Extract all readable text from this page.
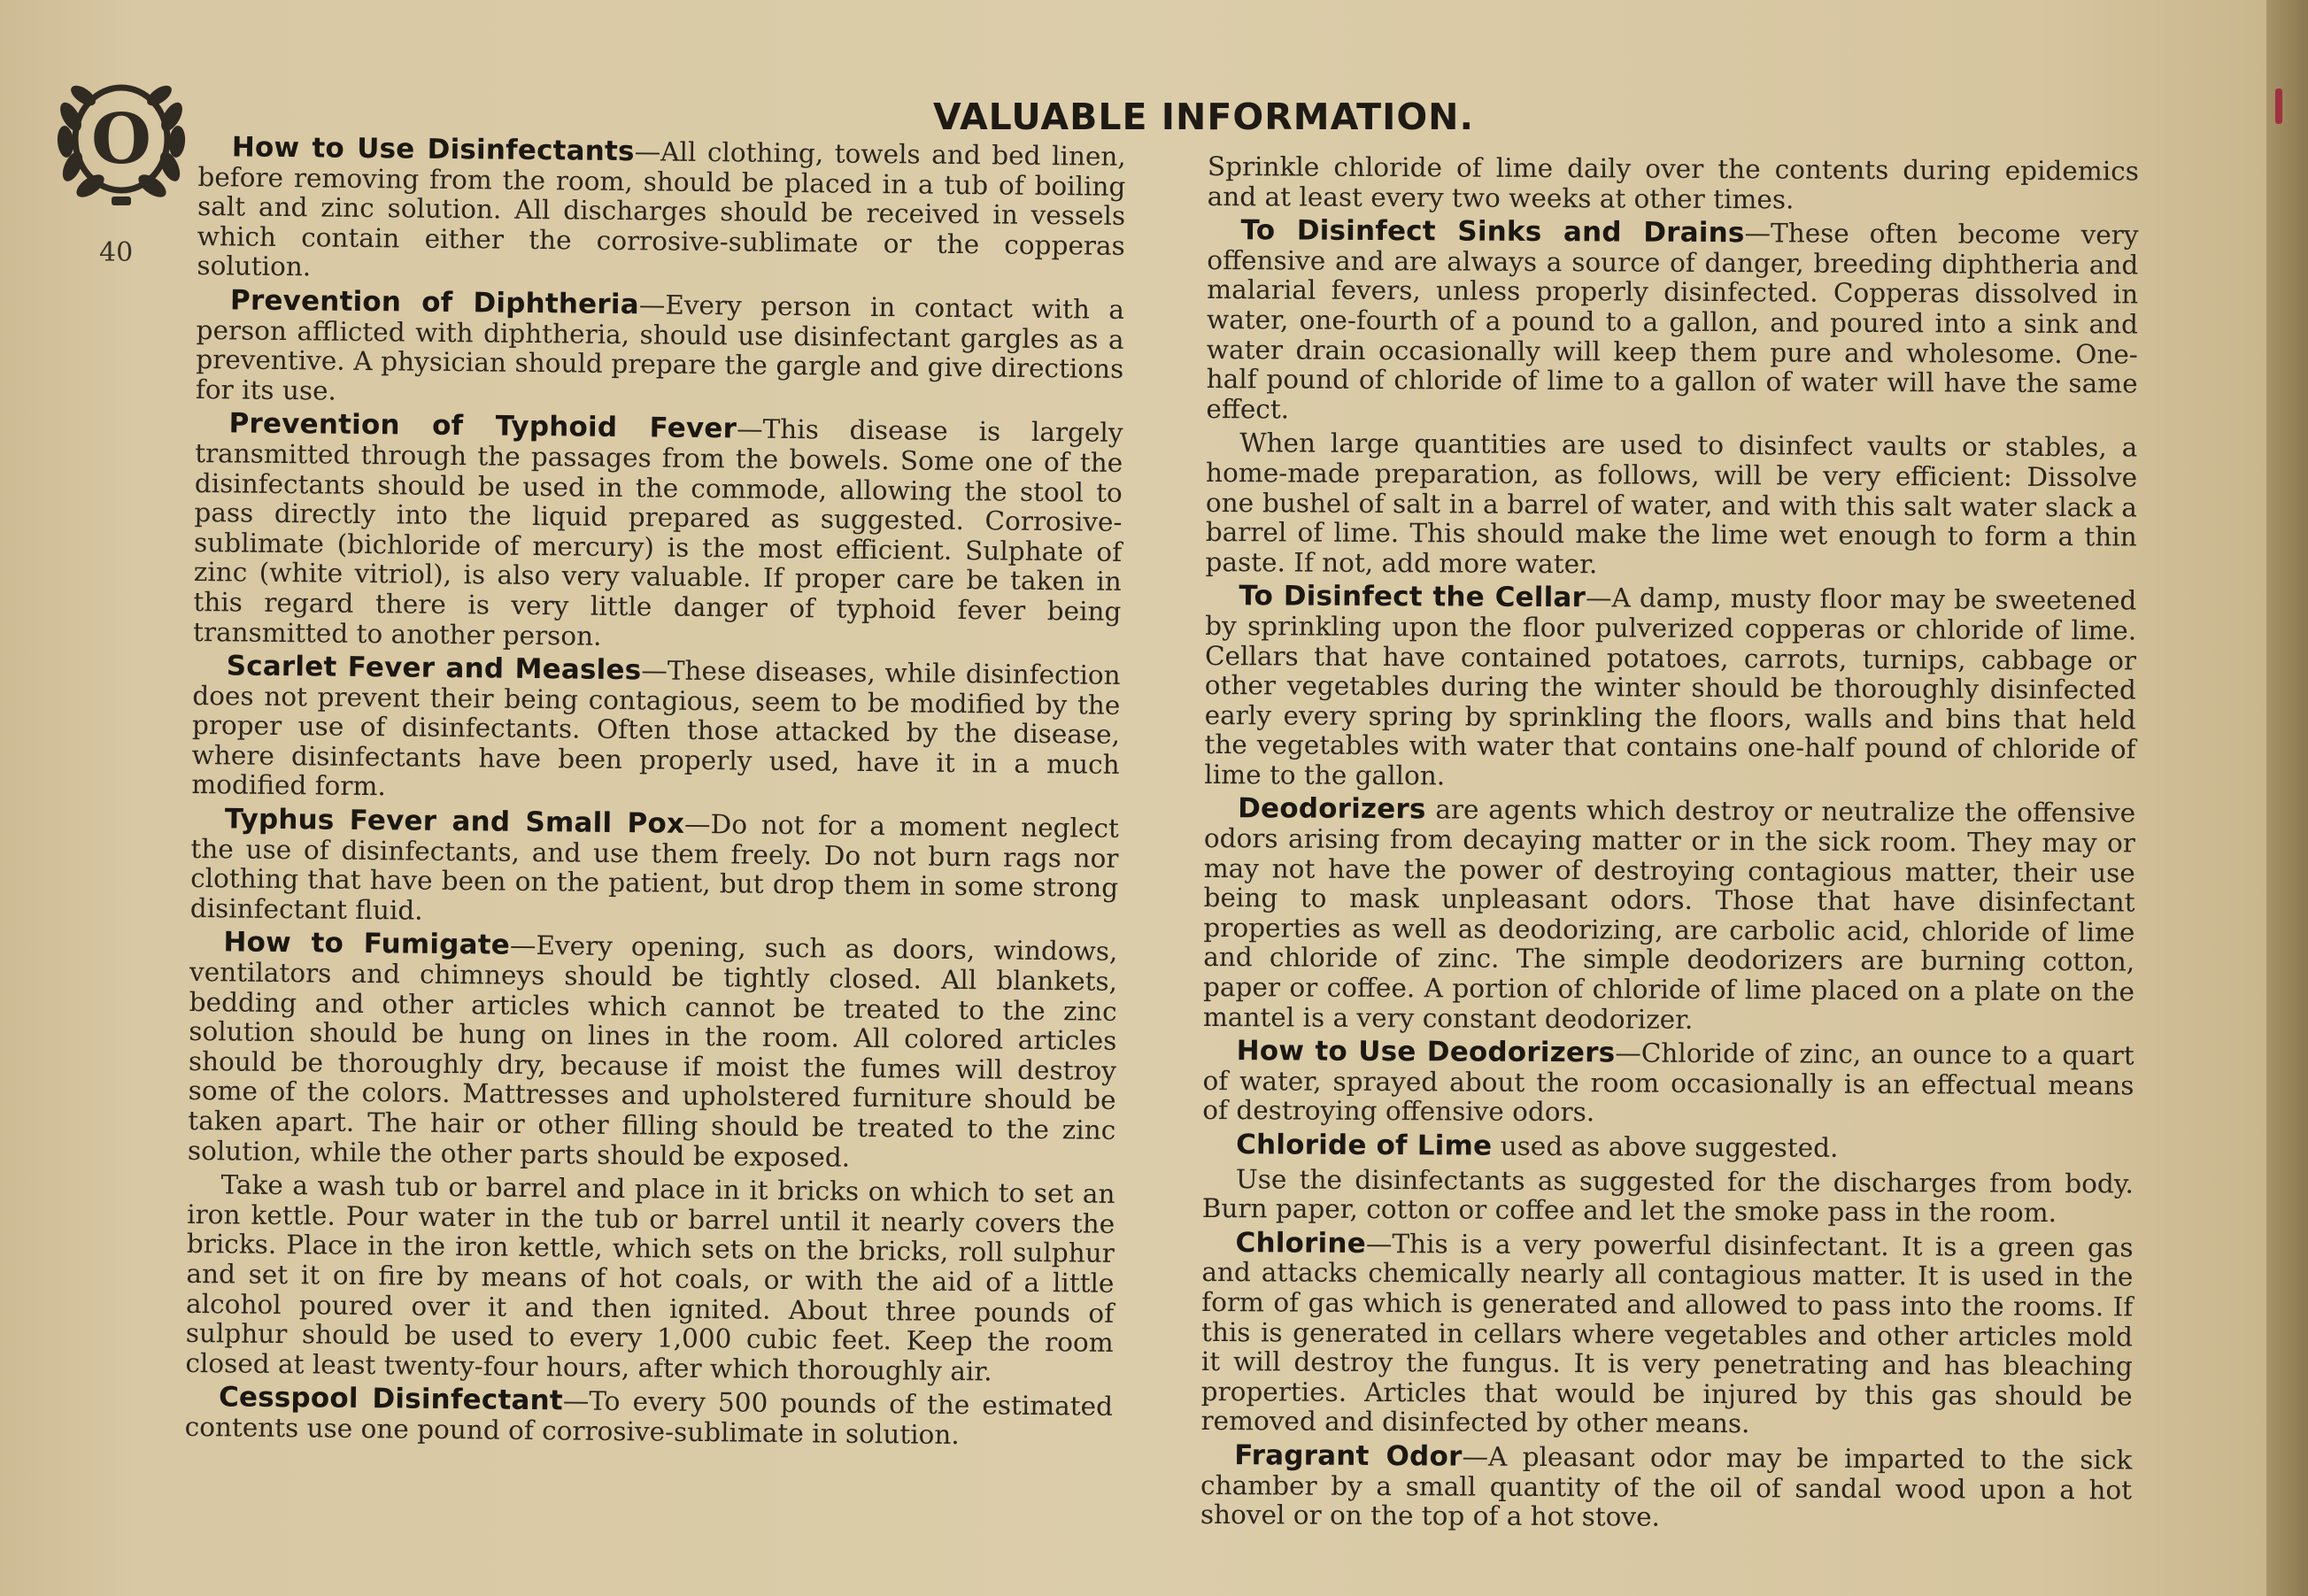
O
40
VALUABLE INFORMATION.

How to Use Disinfectants—All clothing, towels and bed linen, before removing from the room, should be placed in a tub of boiling salt and zinc solution. All discharges should be received in vessels which contain either the corrosive-sublimate or the copperas solution.

Prevention of Diphtheria—Every person in contact with a person afflicted with diphtheria, should use disinfectant gargles as a preventive. A physician should prepare the gargle and give directions for its use.

Prevention of Typhoid Fever—This disease is largely transmitted through the passages from the bowels. Some one of the disinfectants should be used in the commode, allowing the stool to pass directly into the liquid prepared as suggested. Corrosive-sublimate (bichloride of mercury) is the most efficient. Sulphate of zinc (white vitriol), is also very valuable. If proper care be taken in this regard there is very little danger of typhoid fever being transmitted to another person.

Scarlet Fever and Measles—These diseases, while disinfection does not prevent their being contagious, seem to be modified by the proper use of disinfectants. Often those attacked by the disease, where disinfectants have been properly used, have it in a much modified form.

Typhus Fever and Small Pox—Do not for a moment neglect the use of disinfectants, and use them freely. Do not burn rags nor clothing that have been on the patient, but drop them in some strong disinfectant fluid.

How to Fumigate—Every opening, such as doors, windows, ventilators and chimneys should be tightly closed. All blankets, bedding and other articles which cannot be treated to the zinc solution should be hung on lines in the room. All colored articles should be thoroughly dry, because if moist the fumes will destroy some of the colors. Mattresses and upholstered furniture should be taken apart. The hair or other filling should be treated to the zinc solution, while the other parts should be exposed.

Take a wash tub or barrel and place in it bricks on which to set an iron kettle. Pour water in the tub or barrel until it nearly covers the bricks. Place in the iron kettle, which sets on the bricks, roll sulphur and set it on fire by means of hot coals, or with the aid of a little alcohol poured over it and then ignited. About three pounds of sulphur should be used to every 1,000 cubic feet. Keep the room closed at least twenty-four hours, after which thoroughly air.

Cesspool Disinfectant—To every 500 pounds of the estimated contents use one pound of corrosive-sublimate in solution.

Sprinkle chloride of lime daily over the contents during epidemics and at least every two weeks at other times.

To Disinfect Sinks and Drains—These often become very offensive and are always a source of danger, breeding diphtheria and malarial fevers, unless properly disinfected. Copperas dissolved in water, one-fourth of a pound to a gallon, and poured into a sink and water drain occasionally will keep them pure and wholesome. One-half pound of chloride of lime to a gallon of water will have the same effect.

When large quantities are used to disinfect vaults or stables, a home-made preparation, as follows, will be very efficient: Dissolve one bushel of salt in a barrel of water, and with this salt water slack a barrel of lime. This should make the lime wet enough to form a thin paste. If not, add more water.

To Disinfect the Cellar—A damp, musty floor may be sweetened by sprinkling upon the floor pulverized copperas or chloride of lime. Cellars that have contained potatoes, carrots, turnips, cabbage or other vegetables during the winter should be thoroughly disinfected early every spring by sprinkling the floors, walls and bins that held the vegetables with water that contains one-half pound of chloride of lime to the gallon.

Deodorizers are agents which destroy or neutralize the offensive odors arising from decaying matter or in the sick room. They may or may not have the power of destroying contagious matter, their use being to mask unpleasant odors. Those that have disinfectant properties as well as deodorizing, are carbolic acid, chloride of lime and chloride of zinc. The simple deodorizers are burning cotton, paper or coffee. A portion of chloride of lime placed on a plate on the mantel is a very constant deodorizer.

How to Use Deodorizers—Chloride of zinc, an ounce to a quart of water, sprayed about the room occasionally is an effectual means of destroying offensive odors.

Chloride of Lime used as above suggested.

Use the disinfectants as suggested for the discharges from body. Burn paper, cotton or coffee and let the smoke pass in the room.

Chlorine—This is a very powerful disinfectant. It is a green gas and attacks chemically nearly all contagious matter. It is used in the form of gas which is generated and allowed to pass into the rooms. If this is generated in cellars where vegetables and other articles mold it will destroy the fungus. It is very penetrating and has bleaching properties. Articles that would be injured by this gas should be removed and disinfected by other means.

Fragrant Odor—A pleasant odor may be imparted to the sick chamber by a small quantity of the oil of sandal wood upon a hot shovel or on the top of a hot stove.
